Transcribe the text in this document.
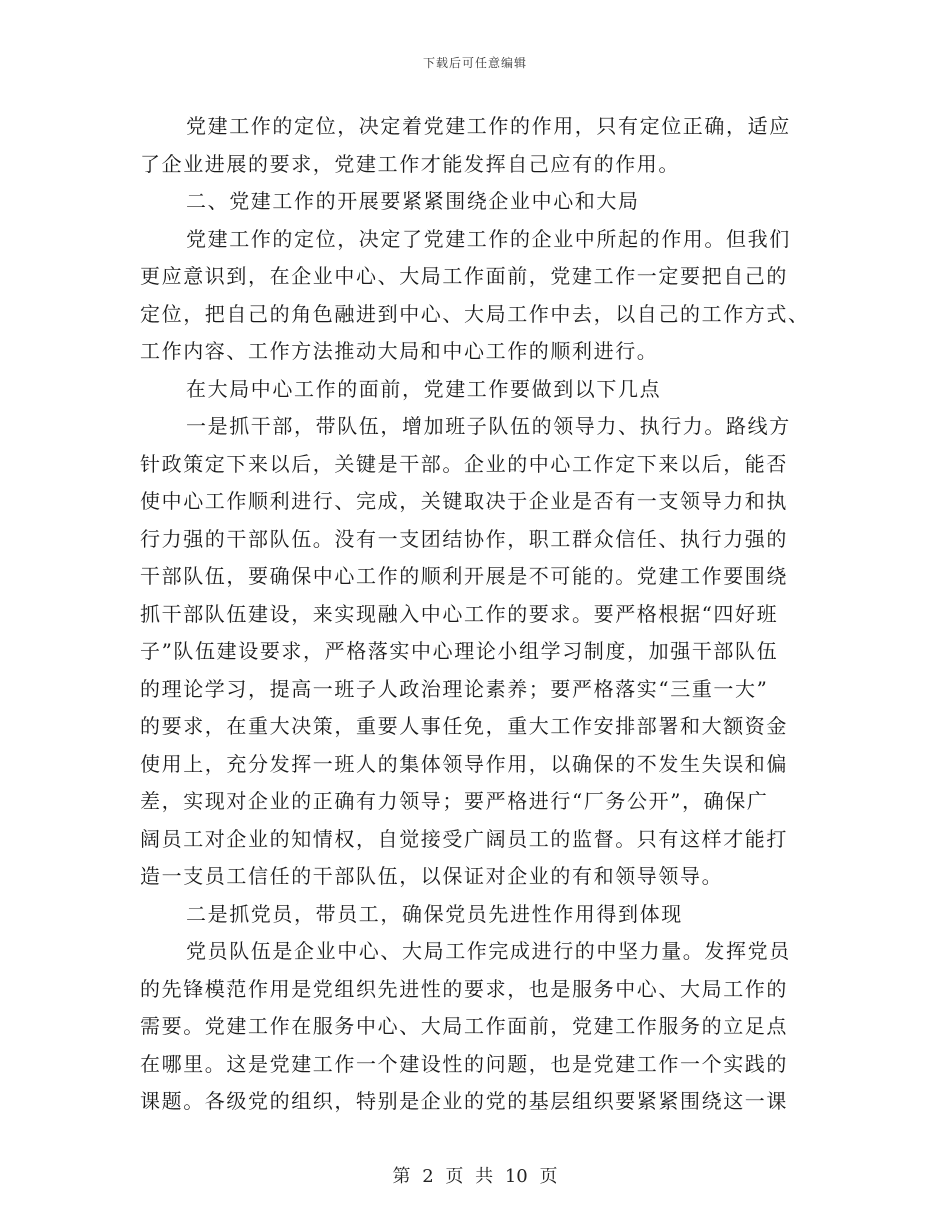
下载后可任意编辑
党建工作的定位，决定着党建工作的作用，只有定位正确，适应
了企业进展的要求，党建工作才能发挥自己应有的作用。
二、党建工作的开展要紧紧围绕企业中心和大局
党建工作的定位，决定了党建工作的企业中所起的作用。但我们
更应意识到，在企业中心、大局工作面前，党建工作一定要把自己的
定位，把自己的角色融进到中心、大局工作中去，以自己的工作方式、
工作内容、工作方法推动大局和中心工作的顺利进行。
在大局中心工作的面前，党建工作要做到以下几点
一是抓干部，带队伍，增加班子队伍的领导力、执行力。路线方
针政策定下来以后，关键是干部。企业的中心工作定下来以后，能否
使中心工作顺利进行、完成，关键取决于企业是否有一支领导力和执
行力强的干部队伍。没有一支团结协作，职工群众信任、执行力强的
干部队伍，要确保中心工作的顺利开展是不可能的。党建工作要围绕
抓干部队伍建设，来实现融入中心工作的要求。要严格根据“四好班
子”队伍建设要求，严格落实中心理论小组学习制度，加强干部队伍
的理论学习，提高一班子人政治理论素养；要严格落实“三重一大”
的要求，在重大决策，重要人事任免，重大工作安排部署和大额资金
使用上，充分发挥一班人的集体领导作用，以确保的不发生失误和偏
差，实现对企业的正确有力领导；要严格进行“厂务公开”，确保广
阔员工对企业的知情权，自觉接受广阔员工的监督。只有这样才能打
造一支员工信任的干部队伍，以保证对企业的有和领导领导。
二是抓党员，带员工，确保党员先进性作用得到体现
党员队伍是企业中心、大局工作完成进行的中坚力量。发挥党员
的先锋模范作用是党组织先进性的要求，也是服务中心、大局工作的
需要。党建工作在服务中心、大局工作面前，党建工作服务的立足点
在哪里。这是党建工作一个建设性的问题，也是党建工作一个实践的
课题。各级党的组织，特别是企业的党的基层组织要紧紧围绕这一课
第 2 页 共 10 页
